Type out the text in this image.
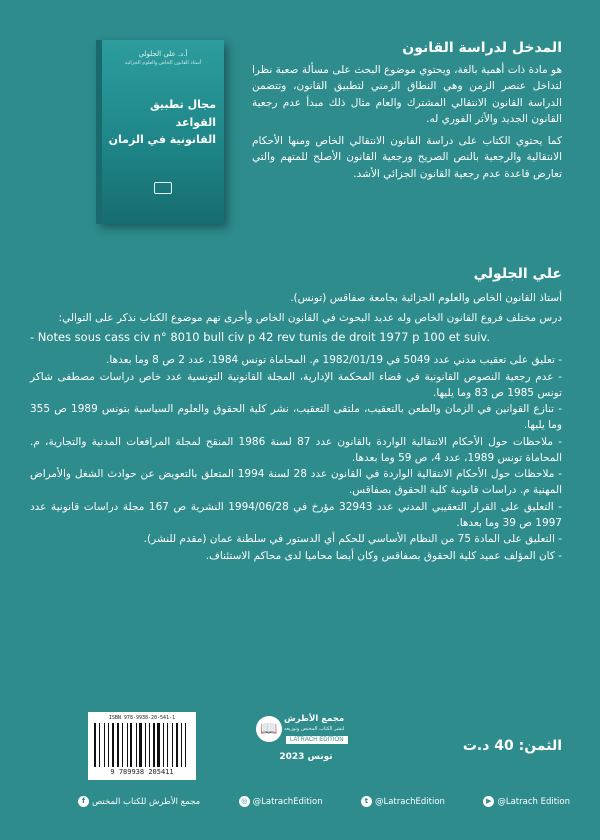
أ.د. علي الجلولي
أستاذ القانون الخاص والعلوم الجزائية
مجال تطبيق القواعد
القانونية في الزمان
المدخل لدراسة القانون

هو مادة ذات أهمية بالغة، ويحتوي موضوع البحث على مسألة صعبة نظرا لتداخل عنصر الزمن وهي النطاق الزمني لتطبيق القانون، وتتضمن الدراسة القانون الانتقالي المشترك والعام مثال ذلك مبدأ عدم رجعية القانون الجديد والأثر الفوري له.

كما يحتوي الكتاب على دراسة القانون الانتقالي الخاص ومنها الأحكام الانتقالية والرجعية بالنص الصريح ورجعية القانون الأصلح للمتهم والتي تعارض قاعدة عدم رجعية القانون الجزائي الأشد.

علي الجلولي

أستاذ القانون الخاص والعلوم الجزائية بجامعة صفاقس (تونس).

درس مختلف فروع القانون الخاص وله عديد البحوث في القانون الخاص وأخرى تهم موضوع الكتاب نذكر على التوالي:

- Notes sous cass civ n° 8010 bull civ p 42 rev tunis de droit 1977 p 100 et suiv.

- تعليق على تعقيب مدني عدد 5049 في 1982/01/19 م. المحاماة تونس 1984، عدد 2 ص 8 وما بعدها.

- عدم رجعية النصوص القانونية في قضاء المحكمة الإدارية، المجلة القانونية التونسية عدد خاص دراسات مصطفى شاكر تونس 1985 ص 83 وما يليها.

- تنازع القوانين في الزمان والطعن بالتعقيب، ملتقى التعقيب، نشر كلية الحقوق والعلوم السياسية بتونس 1989 ص 355 وما يليها.

- ملاحظات حول الأحكام الانتقالية الواردة بالقانون عدد 87 لسنة 1986 المنقح لمجلة المرافعات المدنية والتجارية، م. المحاماة تونس 1989، عدد 4، ص 59 وما بعدها.

- ملاحظات حول الأحكام الانتقالية الواردة في القانون عدد 28 لسنة 1994 المتعلق بالتعويض عن حوادث الشغل والأمراض المهنية م. دراسات قانونية كلية الحقوق بصفاقس.

- التعليق على القرار التعقيبي المدني عدد 32943 مؤرخ في 1994/06/28 النشرية ص 167 مجلة دراسات قانونية عدد 1997 ص 39 وما بعدها.

- التعليق على المادة 75 من النظام الأساسي للحكم أي الدستور في سلطنة عمان (مقدم للنشر).

- كان المؤلف عميد كلية الحقوق بصفاقس وكان أيضا محاميا لدى محاكم الاستئناف.

ISBN 978-9938-20-541-1
9 789938 205411
📖
مجمع الأطرش
لنشر الكتاب المختص وتوزيعه
LATRACH EDITION
تونس 2023
الثمن: 40 د.ت
f مجمع الأطرش للكتاب المختص	◎ @LatrachEdition	t @LatrachEdition	▶ @Latrach Edition
